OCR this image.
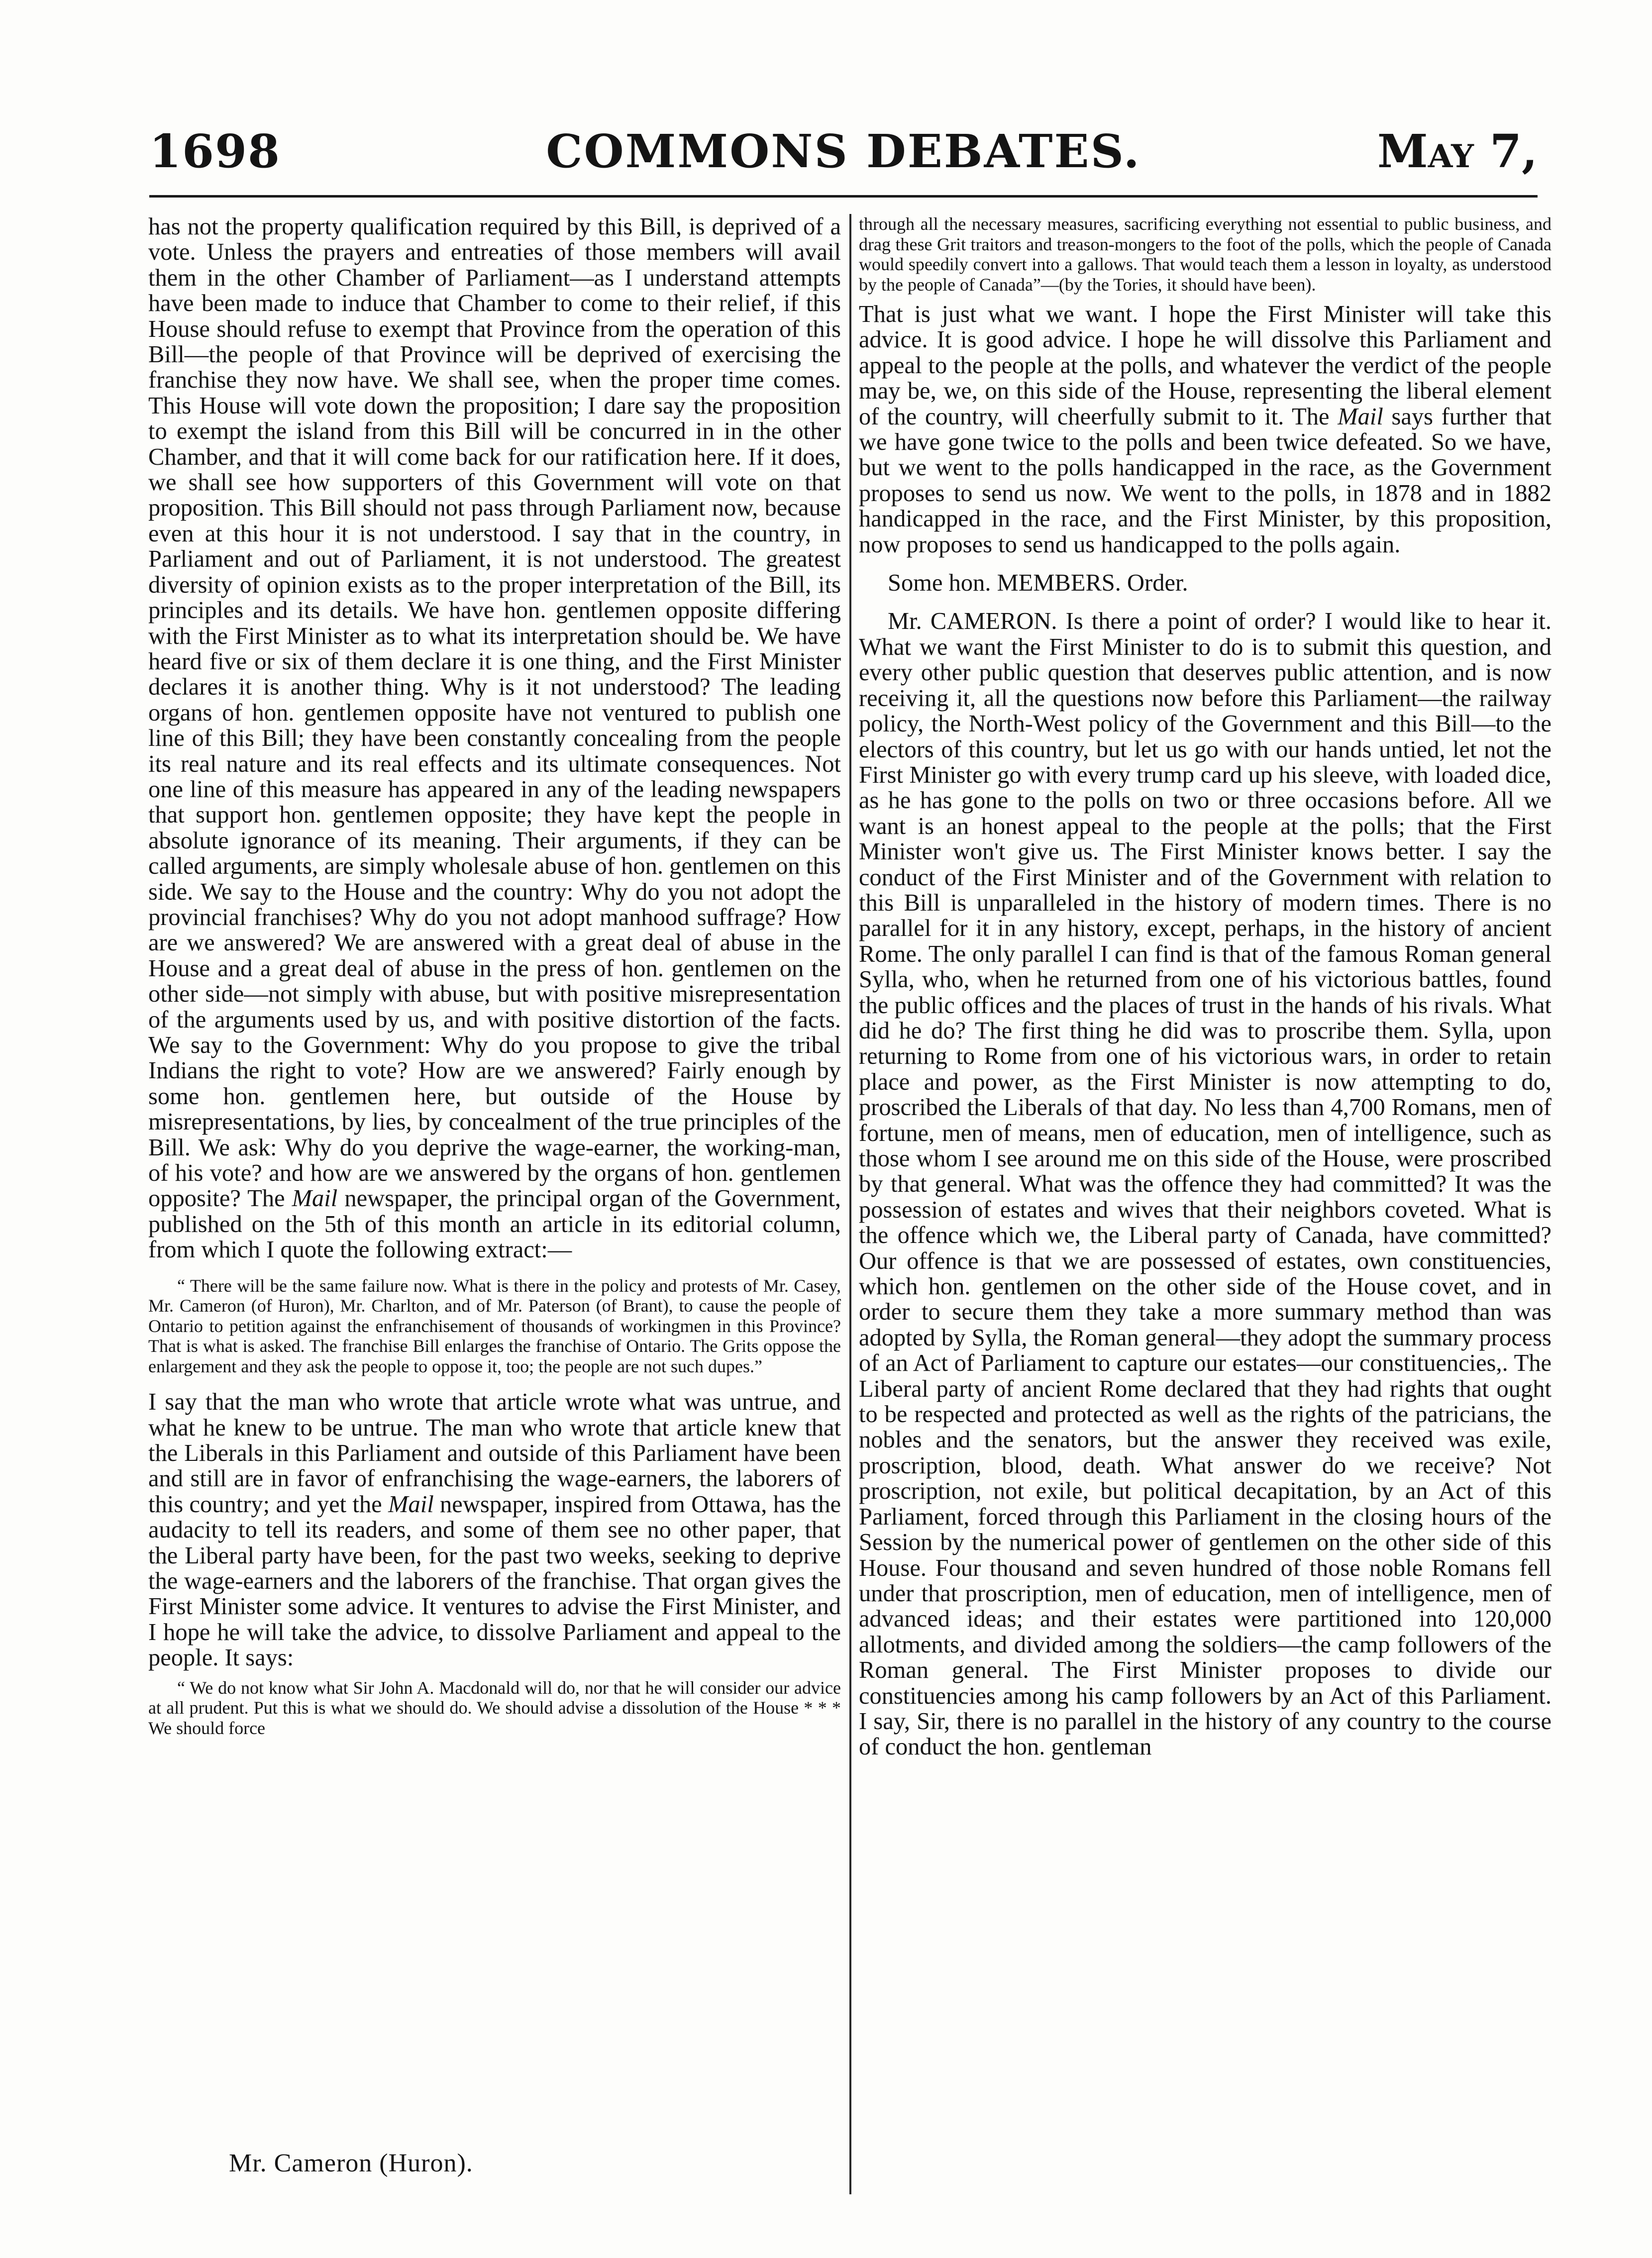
1698	COMMONS DEBATES.	May 7,

has not the property qualification required by this Bill, is deprived of a vote. Unless the prayers and entreaties of those members will avail them in the other Chamber of Parliament—as I understand attempts have been made to induce that Chamber to come to their relief, if this House should refuse to exempt that Province from the operation of this Bill—the people of that Province will be deprived of exercising the franchise they now have. We shall see, when the proper time comes. This House will vote down the proposition; I dare say the proposition to exempt the island from this Bill will be concurred in in the other Chamber, and that it will come back for our ratification here. If it does, we shall see how supporters of this Government will vote on that proposition. This Bill should not pass through Parliament now, because even at this hour it is not understood. I say that in the country, in Parliament and out of Parliament, it is not understood. The greatest diversity of opinion exists as to the proper interpretation of the Bill, its principles and its details. We have hon. gentlemen opposite differing with the First Minister as to what its interpretation should be. We have heard five or six of them declare it is one thing, and the First Minister declares it is another thing. Why is it not understood? The leading organs of hon. gentlemen opposite have not ventured to publish one line of this Bill; they have been constantly concealing from the people its real nature and its real effects and its ultimate consequences. Not one line of this measure has appeared in any of the leading newspapers that support hon. gentlemen opposite; they have kept the people in absolute ignorance of its meaning. Their arguments, if they can be called arguments, are simply wholesale abuse of hon. gentlemen on this side. We say to the House and the country: Why do you not adopt the provincial franchises? Why do you not adopt manhood suffrage? How are we answered? We are answered with a great deal of abuse in the House and a great deal of abuse in the press of hon. gentlemen on the other side—not simply with abuse, but with positive misrepresentation of the arguments used by us, and with positive distortion of the facts. We say to the Government: Why do you propose to give the tribal Indians the right to vote? How are we answered? Fairly enough by some hon. gentlemen here, but outside of the House by misrepresentations, by lies, by concealment of the true principles of the Bill. We ask: Why do you deprive the wage-earner, the working-man, of his vote? and how are we answered by the organs of hon. gentlemen opposite? The Mail newspaper, the principal organ of the Government, published on the 5th of this month an article in its editorial column, from which I quote the following extract:—

“ There will be the same failure now. What is there in the policy and protests of Mr. Casey, Mr. Cameron (of Huron), Mr. Charlton, and of Mr. Paterson (of Brant), to cause the people of Ontario to petition against the enfranchisement of thousands of workingmen in this Province? That is what is asked. The franchise Bill enlarges the franchise of Ontario. The Grits oppose the enlargement and they ask the people to oppose it, too; the people are not such dupes.”

I say that the man who wrote that article wrote what was untrue, and what he knew to be untrue. The man who wrote that article knew that the Liberals in this Parliament and outside of this Parliament have been and still are in favor of enfranchising the wage-earners, the laborers of this country; and yet the Mail newspaper, inspired from Ottawa, has the audacity to tell its readers, and some of them see no other paper, that the Liberal party have been, for the past two weeks, seeking to deprive the wage-earners and the laborers of the franchise. That organ gives the First Minister some advice. It ventures to advise the First Minister, and I hope he will take the advice, to dissolve Parliament and appeal to the people. It says:

“ We do not know what Sir John A. Macdonald will do, nor that he will consider our advice at all prudent. Put this is what we should do. We should advise a dissolution of the House * * * We should force

through all the necessary measures, sacrificing everything not essential to public business, and drag these Grit traitors and treason-mongers to the foot of the polls, which the people of Canada would speedily convert into a gallows. That would teach them a lesson in loyalty, as understood by the people of Canada”—(by the Tories, it should have been).

That is just what we want. I hope the First Minister will take this advice. It is good advice. I hope he will dissolve this Parliament and appeal to the people at the polls, and whatever the verdict of the people may be, we, on this side of the House, representing the liberal element of the country, will cheerfully submit to it. The Mail says further that we have gone twice to the polls and been twice defeated. So we have, but we went to the polls handicapped in the race, as the Government proposes to send us now. We went to the polls, in 1878 and in 1882 handicapped in the race, and the First Minister, by this proposition, now proposes to send us handicapped to the polls again.

Some hon. MEMBERS. Order.

Mr. CAMERON. Is there a point of order? I would like to hear it. What we want the First Minister to do is to submit this question, and every other public question that deserves public attention, and is now receiving it, all the questions now before this Parliament—the railway policy, the North-West policy of the Government and this Bill—to the electors of this country, but let us go with our hands untied, let not the First Minister go with every trump card up his sleeve, with loaded dice, as he has gone to the polls on two or three occasions before. All we want is an honest appeal to the people at the polls; that the First Minister won't give us. The First Minister knows better. I say the conduct of the First Minister and of the Government with relation to this Bill is unparalleled in the history of modern times. There is no parallel for it in any history, except, perhaps, in the history of ancient Rome. The only parallel I can find is that of the famous Roman general Sylla, who, when he returned from one of his victorious battles, found the public offices and the places of trust in the hands of his rivals. What did he do? The first thing he did was to proscribe them. Sylla, upon returning to Rome from one of his victorious wars, in order to retain place and power, as the First Minister is now attempting to do, proscribed the Liberals of that day. No less than 4,700 Romans, men of fortune, men of means, men of education, men of intelligence, such as those whom I see around me on this side of the House, were proscribed by that general. What was the offence they had committed? It was the possession of estates and wives that their neighbors coveted. What is the offence which we, the Liberal party of Canada, have committed? Our offence is that we are possessed of estates, own constituencies, which hon. gentlemen on the other side of the House covet, and in order to secure them they take a more summary method than was adopted by Sylla, the Roman general—they adopt the summary process of an Act of Parliament to capture our estates—our constituencies,. The Liberal party of ancient Rome declared that they had rights that ought to be respected and protected as well as the rights of the patricians, the nobles and the senators, but the answer they received was exile, proscription, blood, death. What answer do we receive? Not proscription, not exile, but political decapitation, by an Act of this Parliament, forced through this Parliament in the closing hours of the Session by the numerical power of gentlemen on the other side of this House. Four thousand and seven hundred of those noble Romans fell under that proscription, men of education, men of intelligence, men of advanced ideas; and their estates were partitioned into 120,000 allotments, and divided among the soldiers—the camp followers of the Roman general. The First Minister proposes to divide our constituencies among his camp followers by an Act of this Parliament. I say, Sir, there is no parallel in the history of any country to the course of conduct the hon. gentleman

Mr. Cameron (Huron).
